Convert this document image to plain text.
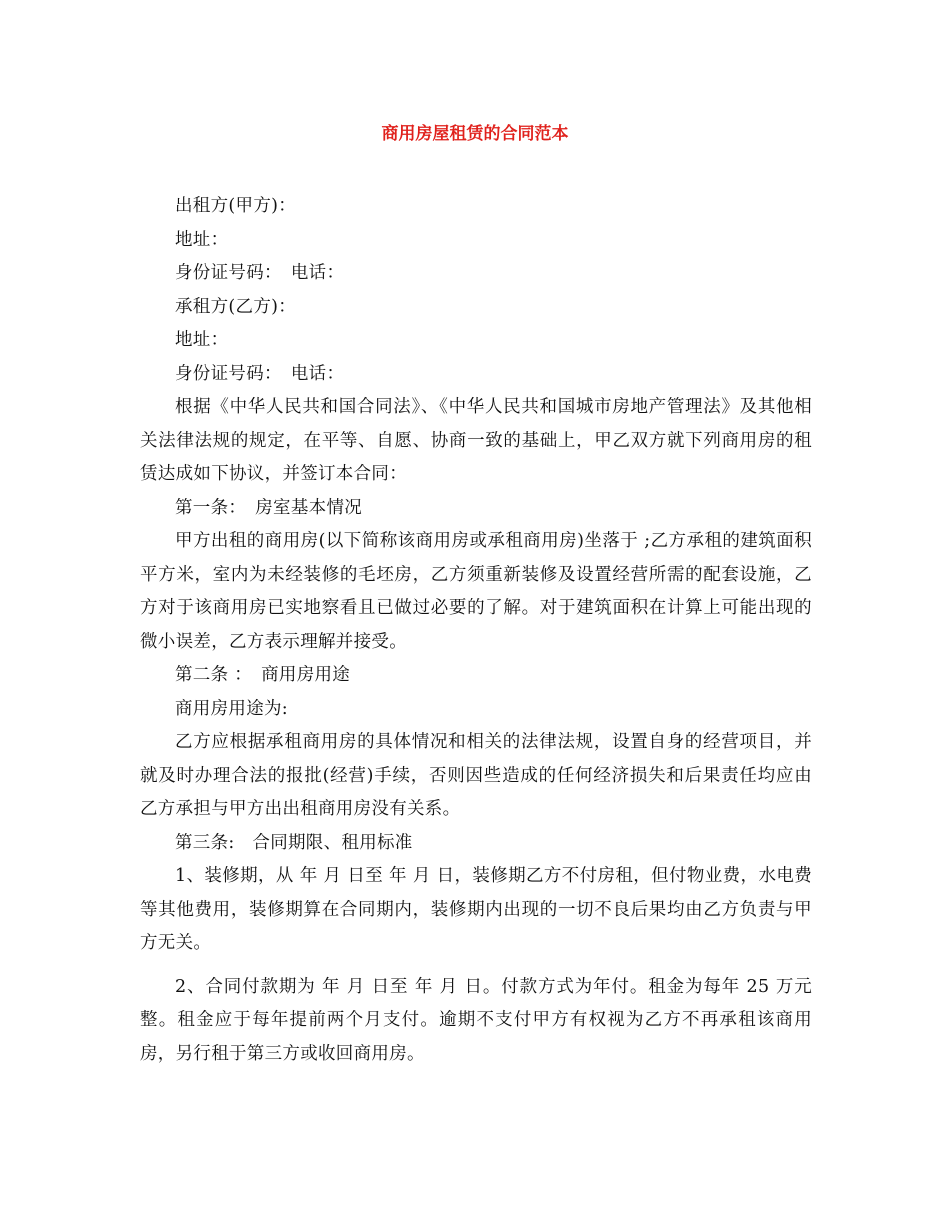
商用房屋租赁的合同范本

出租方(甲方)：

地址：

身份证号码：　电话：

承租方(乙方)：

地址：

身份证号码：　电话：

根据《中华人民共和国合同法》、《中华人民共和国城市房地产管理法》及其他相关法律法规的规定，在平等、自愿、协商一致的基础上，甲乙双方就下列商用房的租赁达成如下协议，并签订本合同：

第一条：　房室基本情况

甲方出租的商用房(以下简称该商用房或承租商用房)坐落于 ;乙方承租的建筑面积 平方米，室内为未经装修的毛坯房，乙方须重新装修及设置经营所需的配套设施，乙方对于该商用房已实地察看且已做过必要的了解。对于建筑面积在计算上可能出现的微小误差，乙方表示理解并接受。

第二条 ：　商用房用途

商用房用途为:

乙方应根据承租商用房的具体情况和相关的法律法规，设置自身的经营项目，并就及时办理合法的报批(经营)手续，否则因些造成的任何经济损失和后果责任均应由乙方承担与甲方出出租商用房没有关系。

第三条:　合同期限、租用标准

1、装修期，从 年 月 日至 年 月 日，装修期乙方不付房租，但付物业费，水电费等其他费用，装修期算在合同期内，装修期内出现的一切不良后果均由乙方负责与甲方无关。

2、合同付款期为 年 月 日至 年 月 日。付款方式为年付。租金为每年 25 万元整。租金应于每年提前两个月支付。逾期不支付甲方有权视为乙方不再承租该商用房，另行租于第三方或收回商用房。
